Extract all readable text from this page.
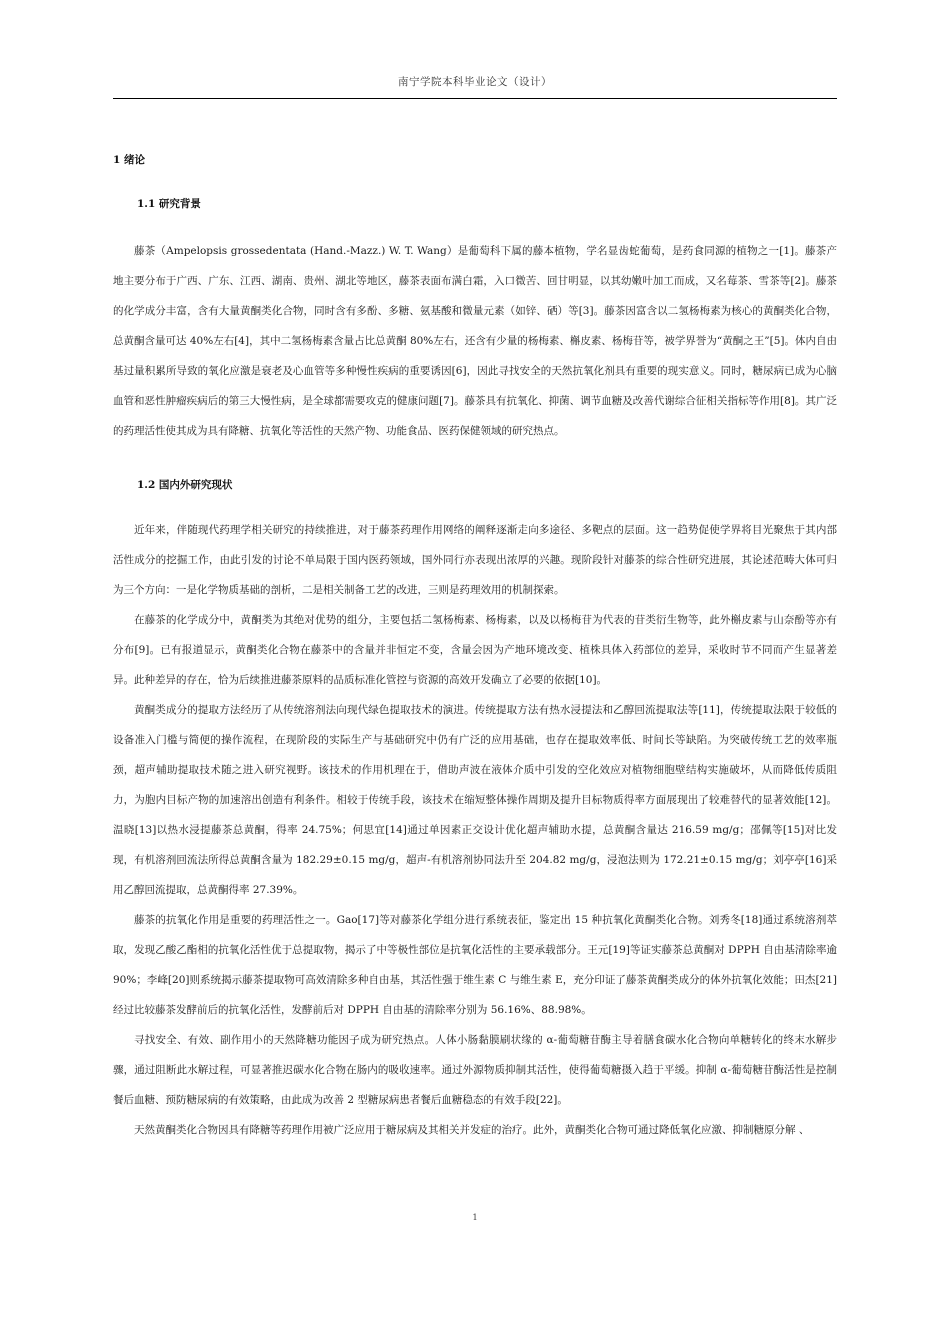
南宁学院本科毕业论文（设计）
1 绪论
1.1 研究背景

藤茶（Ampelopsis grossedentata (Hand.-Mazz.) W. T. Wang）是葡萄科下属的藤本植物，学名显齿蛇葡萄，是药食同源的植物之一[1]。藤茶产地主要分布于广西、广东、江西、湖南、贵州、湖北等地区，藤茶表面布满白霜，入口微苦、回甘明显，以其幼嫩叶加工而成，又名莓茶、雪茶等[2]。藤茶的化学成分丰富，含有大量黄酮类化合物，同时含有多酚、多糖、氨基酸和微量元素（如锌、硒）等[3]。藤茶因富含以二氢杨梅素为核心的黄酮类化合物，总黄酮含量可达 40%左右[4]，其中二氢杨梅素含量占比总黄酮 80%左右，还含有少量的杨梅素、槲皮素、杨梅苷等，被学界誉为“黄酮之王”[5]。体内自由基过量积累所导致的氧化应激是衰老及心血管等多种慢性疾病的重要诱因[6]，因此寻找安全的天然抗氧化剂具有重要的现实意义。同时，糖尿病已成为心脑血管和恶性肿瘤疾病后的第三大慢性病，是全球都需要攻克的健康问题[7]。藤茶具有抗氧化、抑菌、调节血糖及改善代谢综合征相关指标等作用[8]。其广泛的药理活性使其成为具有降糖、抗氧化等活性的天然产物、功能食品、医药保健领域的研究热点。

1.2 国内外研究现状

近年来，伴随现代药理学相关研究的持续推进，对于藤茶药理作用网络的阐释逐渐走向多途径、多靶点的层面。这一趋势促使学界将目光聚焦于其内部活性成分的挖掘工作，由此引发的讨论不单局限于国内医药领域，国外同行亦表现出浓厚的兴趣。现阶段针对藤茶的综合性研究进展，其论述范畴大体可归为三个方向：一是化学物质基础的剖析，二是相关制备工艺的改进，三则是药理效用的机制探索。

在藤茶的化学成分中，黄酮类为其绝对优势的组分，主要包括二氢杨梅素、杨梅素，以及以杨梅苷为代表的苷类衍生物等，此外槲皮素与山奈酚等亦有分布[9]。已有报道显示，黄酮类化合物在藤茶中的含量并非恒定不变，含量会因为产地环境改变、植株具体入药部位的差异，采收时节不同而产生显著差异。此种差异的存在，恰为后续推进藤茶原料的品质标准化管控与资源的高效开发确立了必要的依据[10]。

黄酮类成分的提取方法经历了从传统溶剂法向现代绿色提取技术的演进。传统提取方法有热水浸提法和乙醇回流提取法等[11]，传统提取法限于较低的设备准入门槛与简便的操作流程，在现阶段的实际生产与基础研究中仍有广泛的应用基础，也存在提取效率低、时间长等缺陷。为突破传统工艺的效率瓶颈，超声辅助提取技术随之进入研究视野。该技术的作用机理在于，借助声波在液体介质中引发的空化效应对植物细胞壁结构实施破坏，从而降低传质阻力，为胞内目标产物的加速溶出创造有利条件。相较于传统手段，该技术在缩短整体操作周期及提升目标物质得率方面展现出了较难替代的显著效能[12]。温晓[13]以热水浸提藤茶总黄酮，得率 24.75%；何思宜[14]通过单因素正交设计优化超声辅助水提，总黄酮含量达 216.59 mg/g；邵佩等[15]对比发现，有机溶剂回流法所得总黄酮含量为 182.29±0.15 mg/g，超声-有机溶剂协同法升至 204.82 mg/g，浸泡法则为 172.21±0.15 mg/g；刘亭亭[16]采用乙醇回流提取，总黄酮得率 27.39%。

藤茶的抗氧化作用是重要的药理活性之一。Gao[17]等对藤茶化学组分进行系统表征，鉴定出 15 种抗氧化黄酮类化合物。刘秀冬[18]通过系统溶剂萃取，发现乙酸乙酯相的抗氧化活性优于总提取物，揭示了中等极性部位是抗氧化活性的主要承载部分。王元[19]等证实藤茶总黄酮对 DPPH 自由基清除率逾 90%；李峰[20]则系统揭示藤茶提取物可高效清除多种自由基，其活性强于维生素 C 与维生素 E，充分印证了藤茶黄酮类成分的体外抗氧化效能；田杰[21]经过比较藤茶发酵前后的抗氧化活性，发酵前后对 DPPH 自由基的清除率分别为 56.16%、88.98%。

寻找安全、有效、副作用小的天然降糖功能因子成为研究热点。人体小肠黏膜刷状缘的 α-葡萄糖苷酶主导着膳食碳水化合物向单糖转化的终末水解步骤，通过阻断此水解过程，可显著推迟碳水化合物在肠内的吸收速率。通过外源物质抑制其活性，使得葡萄糖摄入趋于平缓。抑制 α-葡萄糖苷酶活性是控制餐后血糖、预防糖尿病的有效策略，由此成为改善 2 型糖尿病患者餐后血糖稳态的有效手段[22]。

天然黄酮类化合物因具有降糖等药理作用被广泛应用于糖尿病及其相关并发症的治疗。此外，黄酮类化合物可通过降低氧化应激、抑制糖原分解 、

1
